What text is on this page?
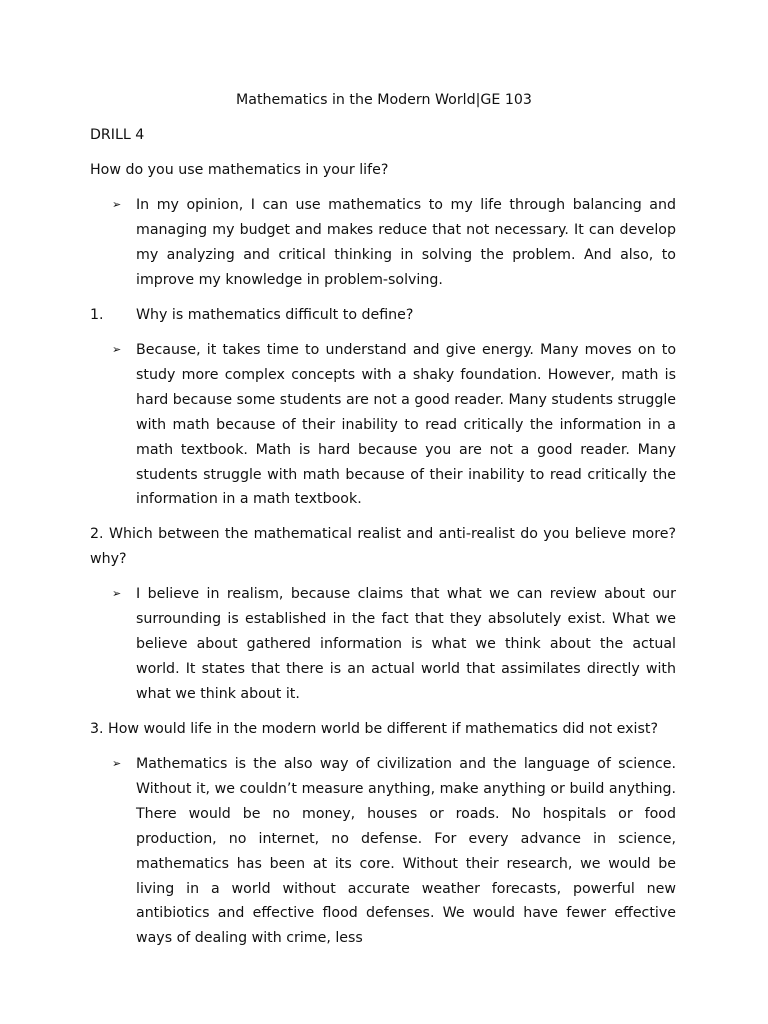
Mathematics in the Modern World|GE 103
DRILL 4
How do you use mathematics in your life?
➢	In my opinion, I can use mathematics to my life through balancing and managing my budget and makes reduce that not necessary. It can develop my analyzing and critical thinking in solving the problem. And also, to improve my knowledge in problem-solving.
1. Why is mathematics difficult to define?
➢	Because, it takes time to understand and give energy. Many moves on to study more complex concepts with a shaky foundation. However, math is hard because some students are not a good reader. Many students struggle with math because of their inability to read critically the information in a math textbook. Math is hard because you are not a good reader. Many students struggle with math because of their inability to read critically the information in a math textbook.
2. Which between the mathematical realist and anti-realist do you believe more? why?
➢	I believe in realism, because claims that what we can review about our surrounding is established in the fact that they absolutely exist. What we believe about gathered information is what we think about the actual world. It states that there is an actual world that assimilates directly with what we think about it.
3. How would life in the modern world be different if mathematics did not exist?
➢	Mathematics is the also way of civilization and the language of science. Without it, we couldn’t measure anything, make anything or build anything. There would be no money, houses or roads. No hospitals or food production, no internet, no defense. For every advance in science, mathematics has been at its core. Without their research, we would be living in a world without accurate weather forecasts, powerful new antibiotics and effective flood defenses. We would have fewer effective ways of dealing with crime, less
